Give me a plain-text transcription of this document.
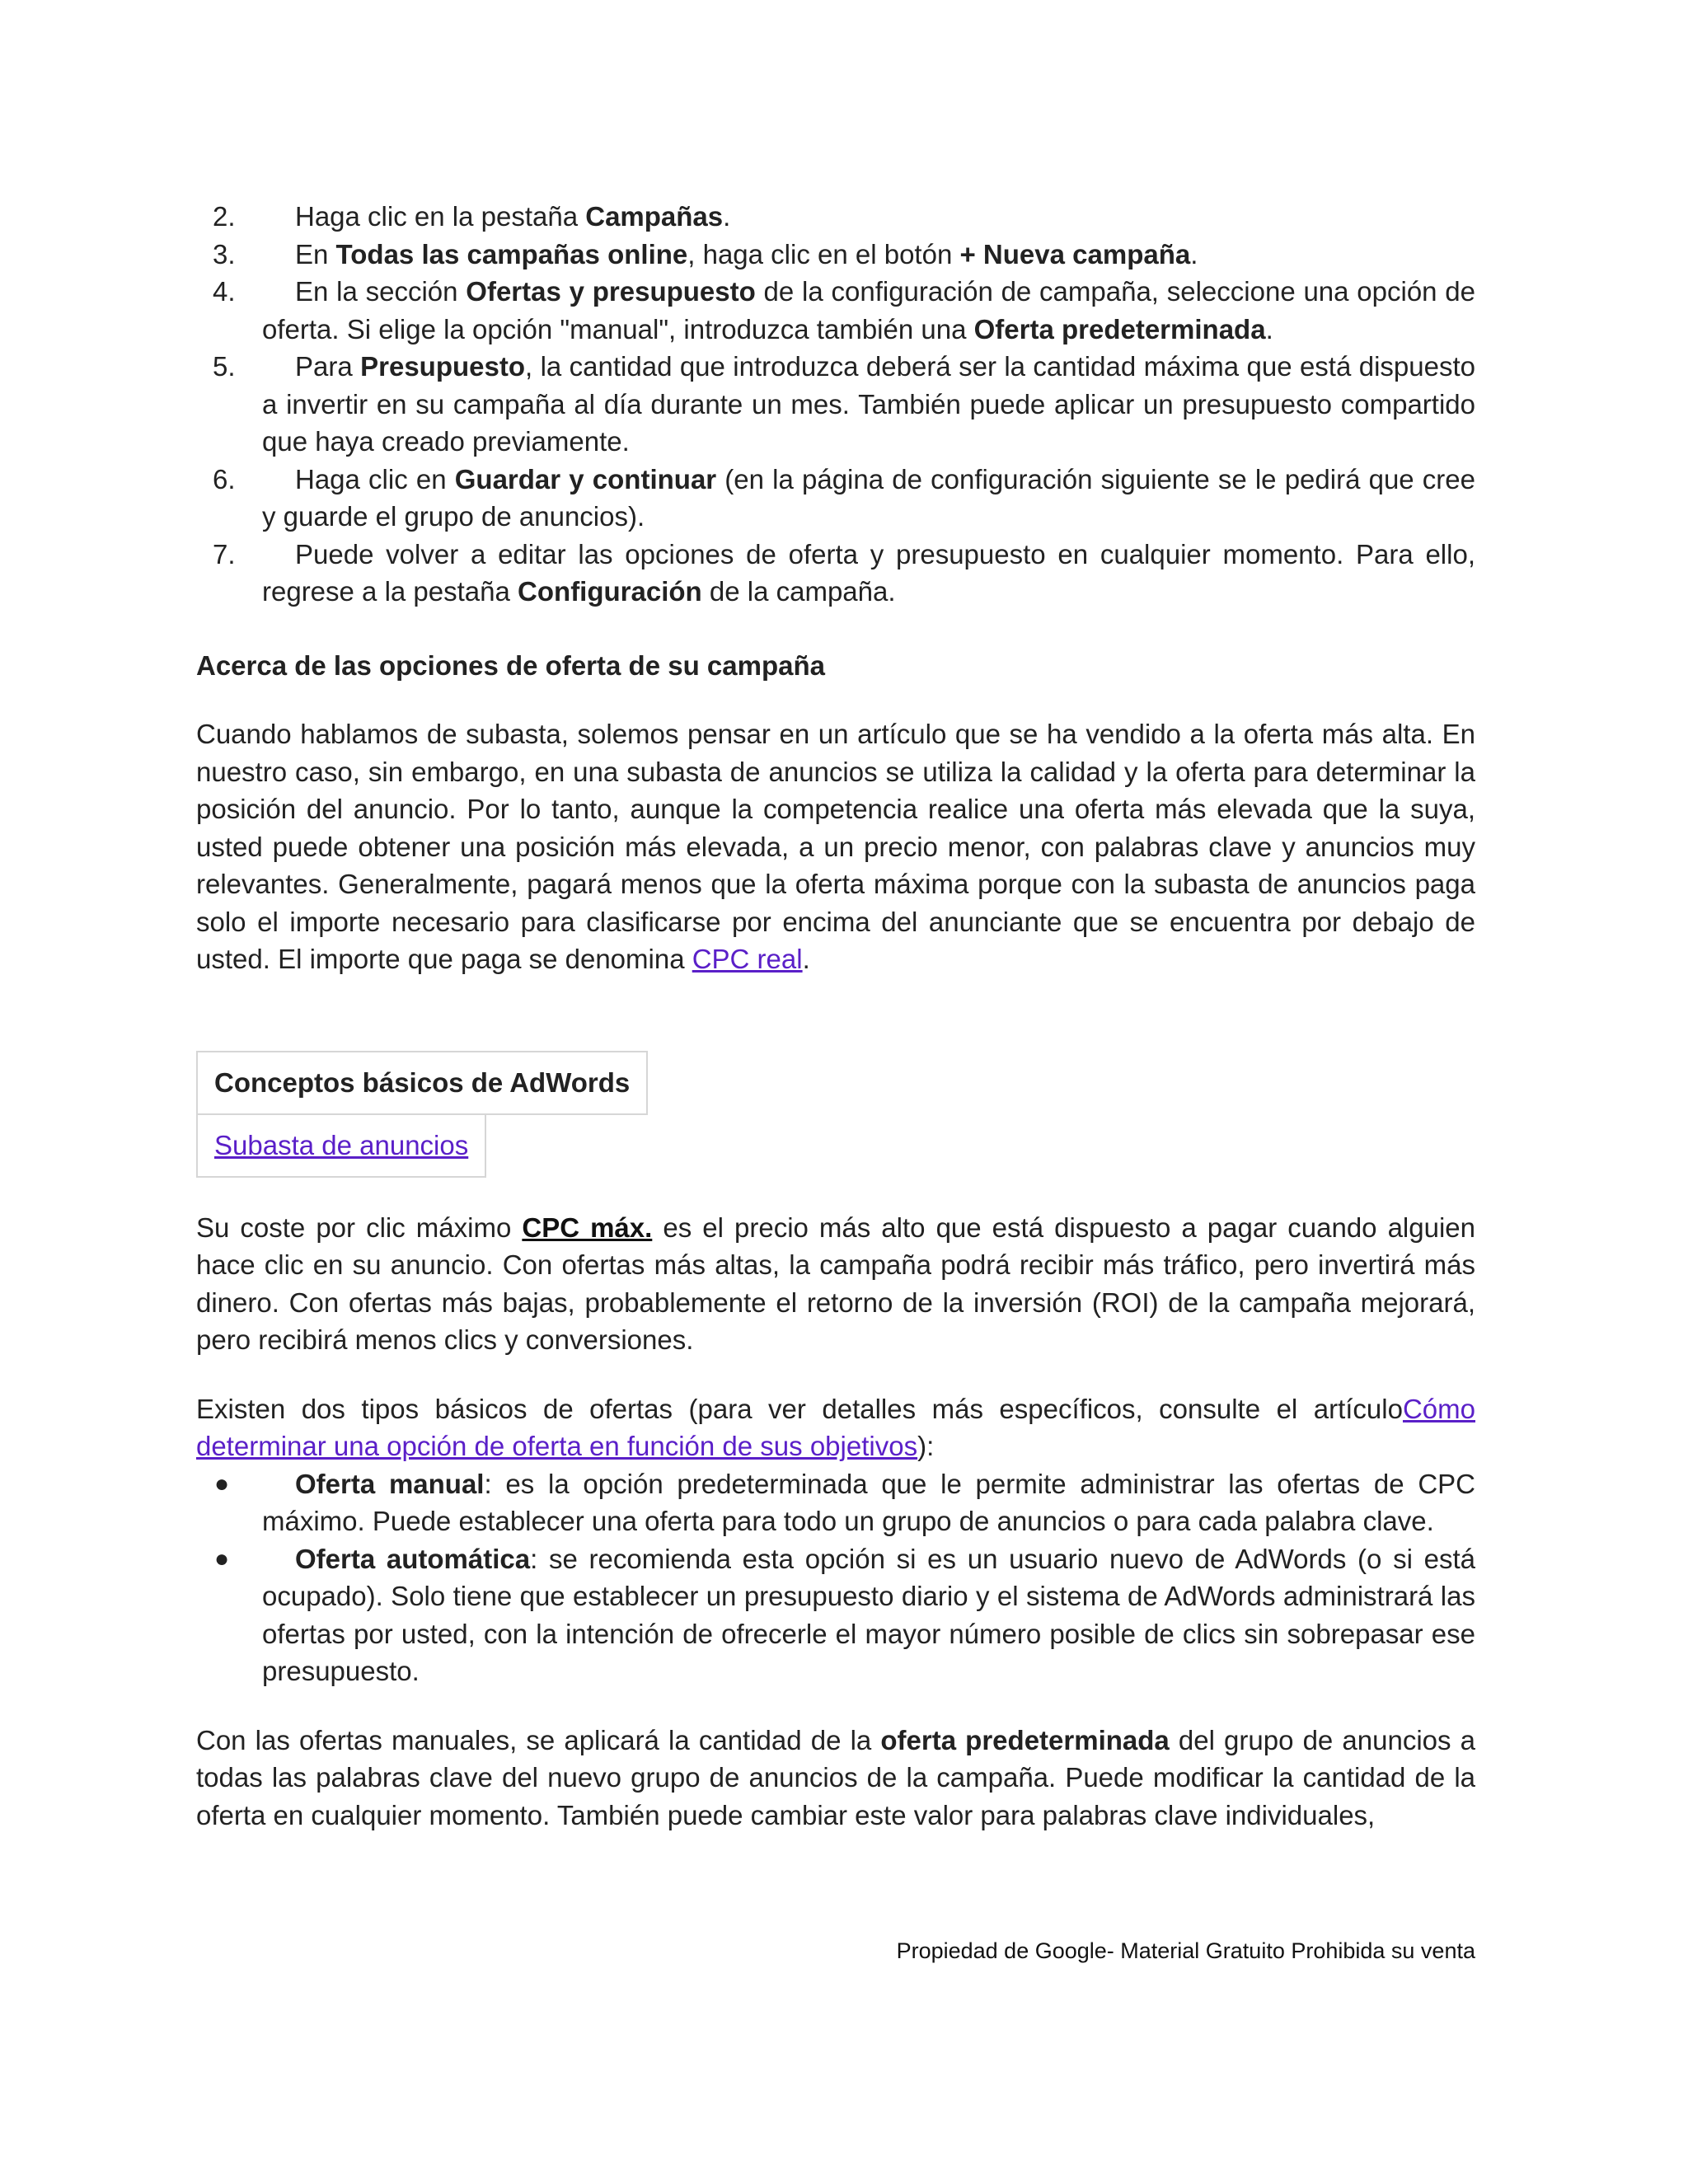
2.	Haga clic en la pestaña Campañas.
3.	En Todas las campañas online, haga clic en el botón + Nueva campaña.
4.	En la sección Ofertas y presupuesto de la configuración de campaña, seleccione una opción de oferta. Si elige la opción "manual", introduzca también una Oferta predeterminada.
5.	Para Presupuesto, la cantidad que introduzca deberá ser la cantidad máxima que está dispuesto a invertir en su campaña al día durante un mes. También puede aplicar un presupuesto compartido que haya creado previamente.
6.	Haga clic en Guardar y continuar (en la página de configuración siguiente se le pedirá que cree y guarde el grupo de anuncios).
7.	Puede volver a editar las opciones de oferta y presupuesto en cualquier momento. Para ello, regrese a la pestaña Configuración de la campaña.
Acerca de las opciones de oferta de su campaña
Cuando hablamos de subasta, solemos pensar en un artículo que se ha vendido a la oferta más alta. En nuestro caso, sin embargo, en una subasta de anuncios se utiliza la calidad y la oferta para determinar la posición del anuncio. Por lo tanto, aunque la competencia realice una oferta más elevada que la suya, usted puede obtener una posición más elevada, a un precio menor, con palabras clave y anuncios muy relevantes. Generalmente, pagará menos que la oferta máxima porque con la subasta de anuncios paga solo el importe necesario para clasificarse por encima del anunciante que se encuentra por debajo de usted. El importe que paga se denomina CPC real.
Conceptos básicos de AdWords
Subasta de anuncios
Su coste por clic máximo CPC máx. es el precio más alto que está dispuesto a pagar cuando alguien hace clic en su anuncio. Con ofertas más altas, la campaña podrá recibir más tráfico, pero invertirá más dinero. Con ofertas más bajas, probablemente el retorno de la inversión (ROI) de la campaña mejorará, pero recibirá menos clics y conversiones.
Existen dos tipos básicos de ofertas (para ver detalles más específicos, consulte el artículoCómo determinar una opción de oferta en función de sus objetivos):
● Oferta manual: es la opción predeterminada que le permite administrar las ofertas de CPC máximo. Puede establecer una oferta para todo un grupo de anuncios o para cada palabra clave.
● Oferta automática: se recomienda esta opción si es un usuario nuevo de AdWords (o si está ocupado). Solo tiene que establecer un presupuesto diario y el sistema de AdWords administrará las ofertas por usted, con la intención de ofrecerle el mayor número posible de clics sin sobrepasar ese presupuesto.
Con las ofertas manuales, se aplicará la cantidad de la oferta predeterminada del grupo de anuncios a todas las palabras clave del nuevo grupo de anuncios de la campaña. Puede modificar la cantidad de la oferta en cualquier momento. También puede cambiar este valor para palabras clave individuales,
Propiedad de Google- Material Gratuito Prohibida su venta
